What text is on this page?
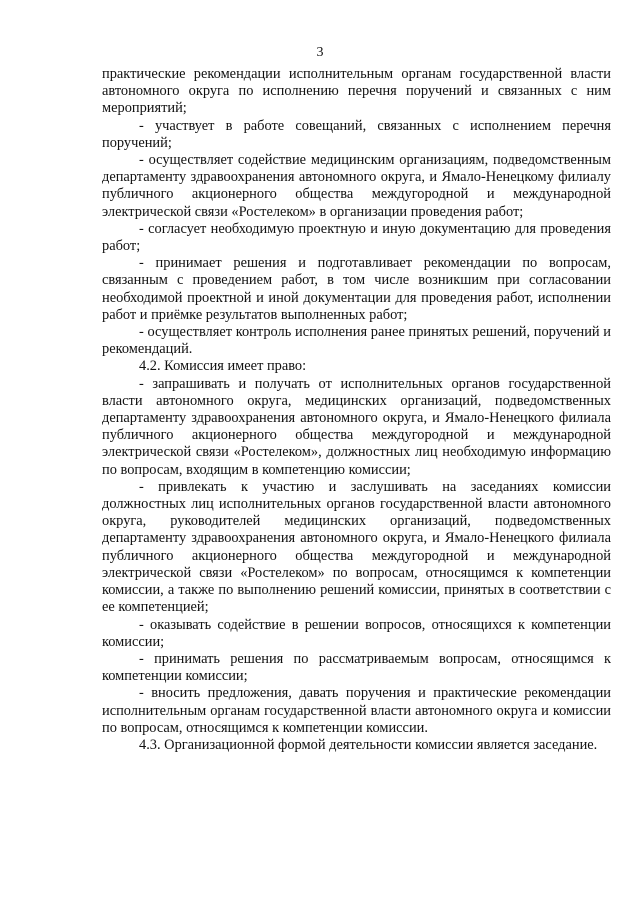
3

практические рекомендации исполнительным органам государственной власти автономного округа по исполнению перечня поручений и связанных с ним мероприятий;

- участвует в работе совещаний, связанных с исполнением перечня поручений;

- осуществляет содействие медицинским организациям, подведомственным департаменту здравоохранения автономного округа, и Ямало-Ненецкому филиалу публичного акционерного общества междугородной и международной электрической связи «Ростелеком» в организации проведения работ;

- согласует необходимую проектную и иную документацию для проведения работ;

- принимает решения и подготавливает рекомендации по вопросам, связанным с проведением работ, в том числе возникшим при согласовании необходимой проектной и иной документации для проведения работ, исполнении работ и приёмке результатов выполненных работ;

- осуществляет контроль исполнения ранее принятых решений, поручений и рекомендаций.

4.2. Комиссия имеет право:

- запрашивать и получать от исполнительных органов государственной власти автономного округа, медицинских организаций, подведомственных департаменту здравоохранения автономного округа, и Ямало-Ненецкого филиала публичного акционерного общества междугородной и международной электрической связи «Ростелеком», должностных лиц необходимую информацию по вопросам, входящим в компетенцию комиссии;

- привлекать к участию и заслушивать на заседаниях комиссии должностных лиц исполнительных органов государственной власти автономного округа, руководителей медицинских организаций, подведомственных департаменту здравоохранения автономного округа, и Ямало-Ненецкого филиала публичного акционерного общества междугородной и международной электрической связи «Ростелеком» по вопросам, относящимся к компетенции комиссии, а также по выполнению решений комиссии, принятых в соответствии с ее компетенцией;

- оказывать содействие в решении вопросов, относящихся к компетенции комиссии;

- принимать решения по рассматриваемым вопросам, относящимся к компетенции комиссии;

- вносить предложения, давать поручения и практические рекомендации исполнительным органам государственной власти автономного округа и комиссии по вопросам, относящимся к компетенции комиссии.

4.3. Организационной формой деятельности комиссии является заседание.
